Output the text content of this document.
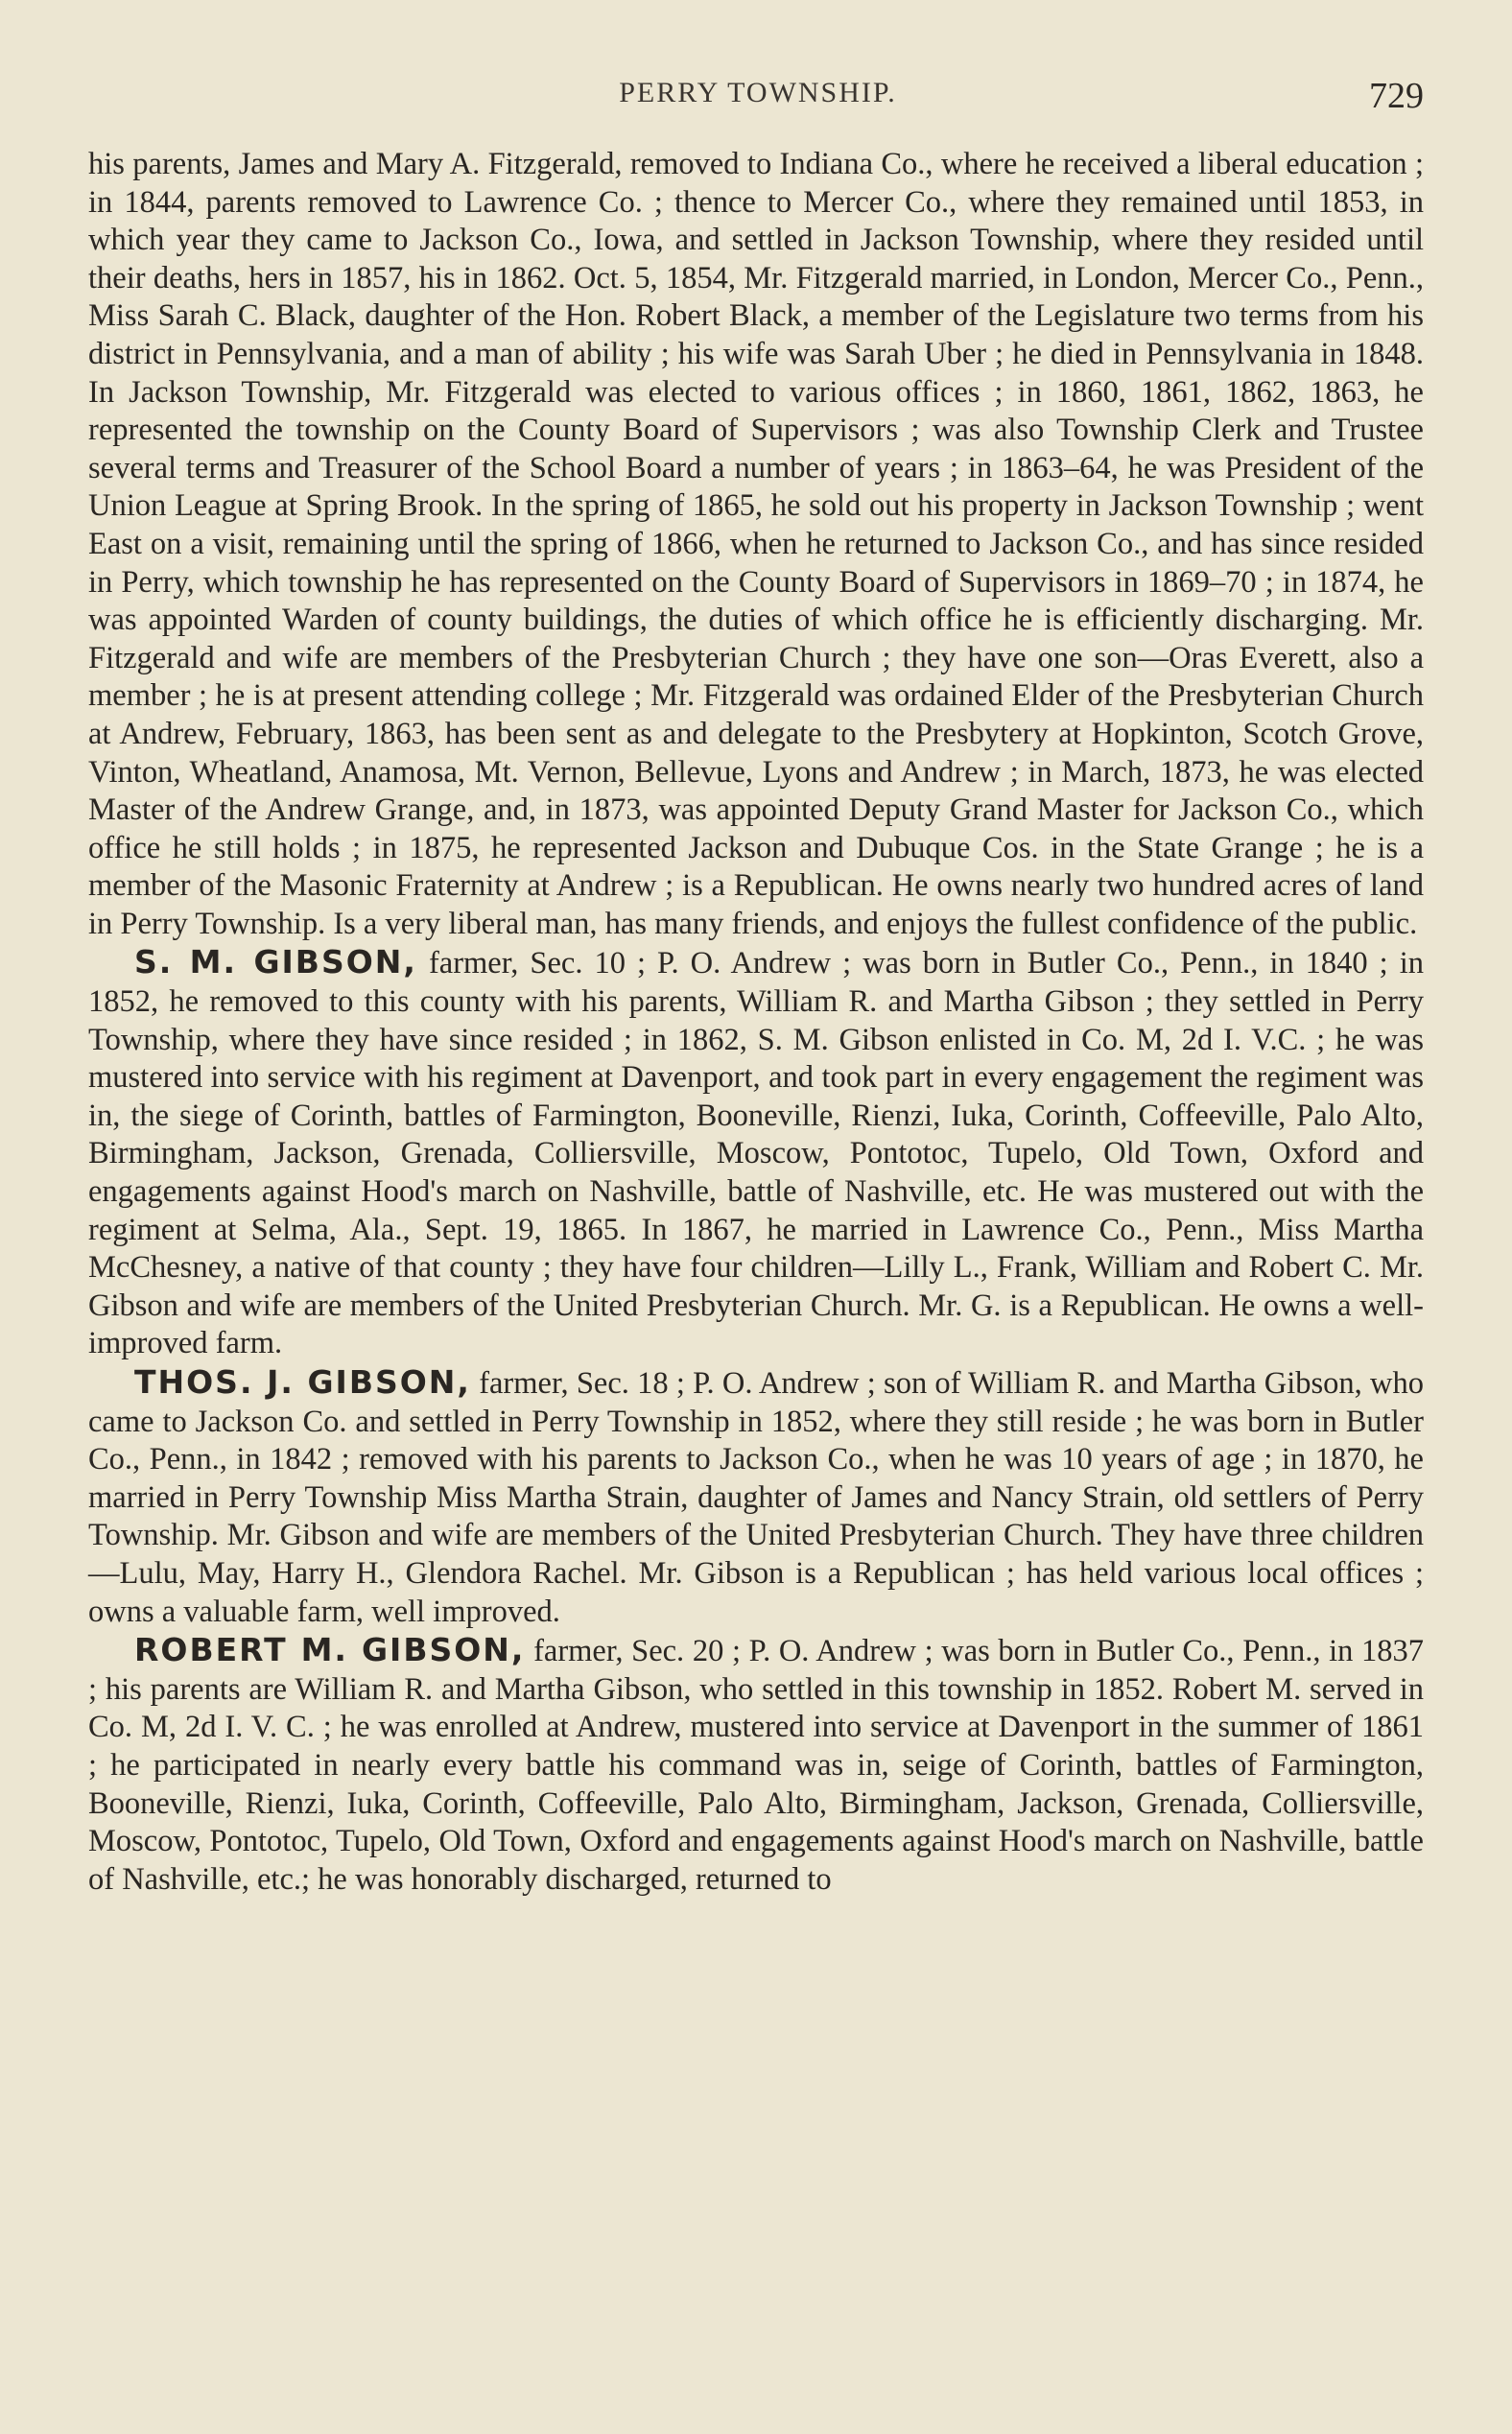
PERRY TOWNSHIP.	729

his parents, James and Mary A. Fitzgerald, removed to Indiana Co., where he received a liberal education ; in 1844, parents removed to Lawrence Co. ; thence to Mercer Co., where they remained until 1853, in which year they came to Jackson Co., Iowa, and settled in Jackson Township, where they resided until their deaths, hers in 1857, his in 1862. Oct. 5, 1854, Mr. Fitzgerald married, in London, Mercer Co., Penn., Miss Sarah C. Black, daughter of the Hon. Robert Black, a member of the Legislature two terms from his district in Pennsylvania, and a man of ability ; his wife was Sarah Uber ; he died in Pennsylvania in 1848. In Jackson Township, Mr. Fitzgerald was elected to various offices ; in 1860, 1861, 1862, 1863, he represented the township on the County Board of Supervisors ; was also Township Clerk and Trustee several terms and Treasurer of the School Board a number of years ; in 1863–64, he was President of the Union League at Spring Brook. In the spring of 1865, he sold out his property in Jackson Township ; went East on a visit, remaining until the spring of 1866, when he returned to Jackson Co., and has since resided in Perry, which township he has represented on the County Board of Supervisors in 1869–70 ; in 1874, he was appointed Warden of county buildings, the duties of which office he is efficiently discharging. Mr. Fitzgerald and wife are members of the Presbyterian Church ; they have one son—Oras Everett, also a member ; he is at present attending college ; Mr. Fitzgerald was ordained Elder of the Presbyterian Church at Andrew, February, 1863, has been sent as and delegate to the Presbytery at Hopkinton, Scotch Grove, Vinton, Wheatland, Anamosa, Mt. Vernon, Bellevue, Lyons and Andrew ; in March, 1873, he was elected Master of the Andrew Grange, and, in 1873, was appointed Deputy Grand Master for Jackson Co., which office he still holds ; in 1875, he represented Jackson and Dubuque Cos. in the State Grange ; he is a member of the Masonic Fraternity at Andrew ; is a Republican. He owns nearly two hundred acres of land in Perry Township. Is a very liberal man, has many friends, and enjoys the fullest confidence of the public.

S. M. GIBSON, farmer, Sec. 10 ; P. O. Andrew ; was born in Butler Co., Penn., in 1840 ; in 1852, he removed to this county with his parents, William R. and Martha Gibson ; they settled in Perry Township, where they have since resided ; in 1862, S. M. Gibson enlisted in Co. M, 2d I. V.C. ; he was mustered into service with his regiment at Davenport, and took part in every engagement the regiment was in, the siege of Corinth, battles of Farmington, Booneville, Rienzi, Iuka, Corinth, Coffeeville, Palo Alto, Birmingham, Jackson, Grenada, Colliersville, Moscow, Pontotoc, Tupelo, Old Town, Oxford and engagements against Hood's march on Nashville, battle of Nashville, etc. He was mustered out with the regiment at Selma, Ala., Sept. 19, 1865. In 1867, he married in Lawrence Co., Penn., Miss Martha McChesney, a native of that county ; they have four children—Lilly L., Frank, William and Robert C. Mr. Gibson and wife are members of the United Presbyterian Church. Mr. G. is a Republican. He owns a well-improved farm.

THOS. J. GIBSON, farmer, Sec. 18 ; P. O. Andrew ; son of William R. and Martha Gibson, who came to Jackson Co. and settled in Perry Township in 1852, where they still reside ; he was born in Butler Co., Penn., in 1842 ; removed with his parents to Jackson Co., when he was 10 years of age ; in 1870, he married in Perry Township Miss Martha Strain, daughter of James and Nancy Strain, old settlers of Perry Township. Mr. Gibson and wife are members of the United Presbyterian Church. They have three children—Lulu, May, Harry H., Glendora Rachel. Mr. Gibson is a Republican ; has held various local offices ; owns a valuable farm, well improved.

ROBERT M. GIBSON, farmer, Sec. 20 ; P. O. Andrew ; was born in Butler Co., Penn., in 1837 ; his parents are William R. and Martha Gibson, who settled in this township in 1852. Robert M. served in Co. M, 2d I. V. C. ; he was enrolled at Andrew, mustered into service at Davenport in the summer of 1861 ; he participated in nearly every battle his command was in, seige of Corinth, battles of Farmington, Booneville, Rienzi, Iuka, Corinth, Coffeeville, Palo Alto, Birmingham, Jackson, Grenada, Colliersville, Moscow, Pontotoc, Tupelo, Old Town, Oxford and engagements against Hood's march on Nashville, battle of Nashville, etc.; he was honorably discharged, returned to
